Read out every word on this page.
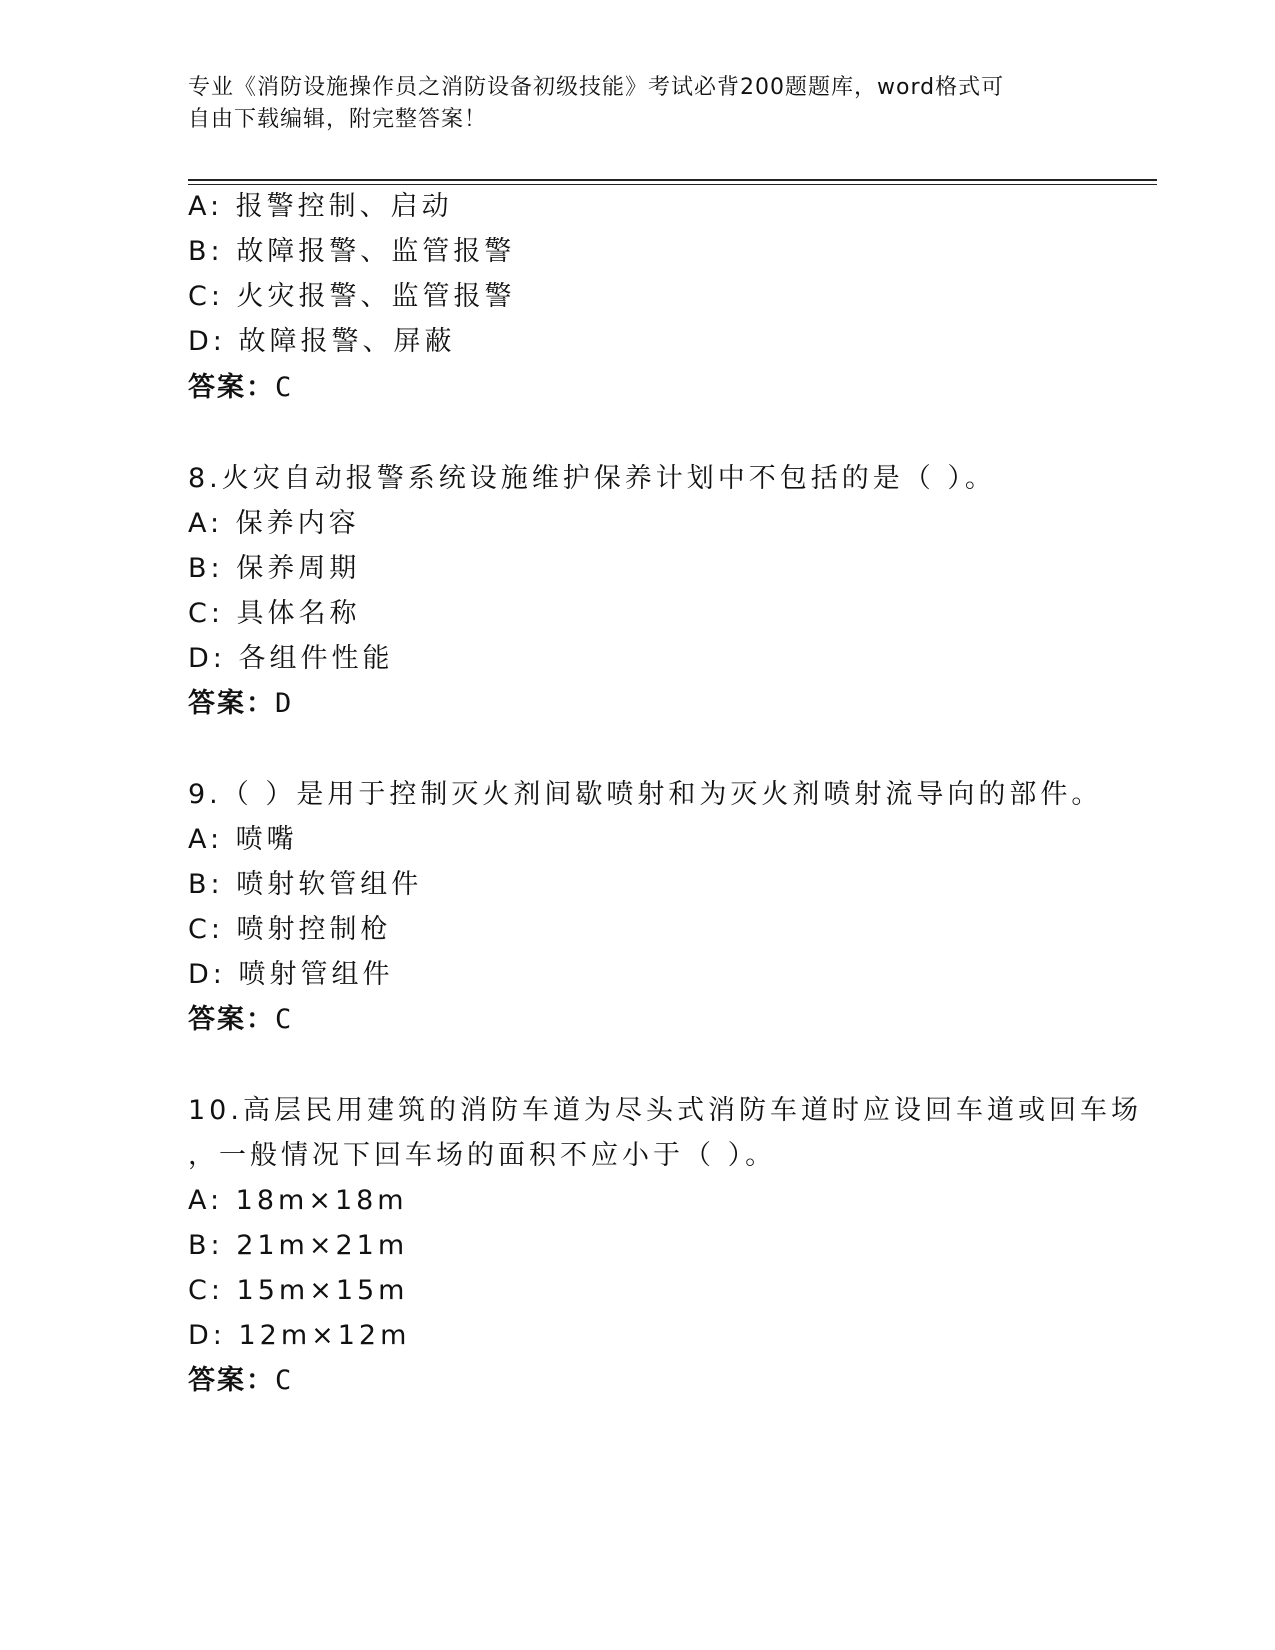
专业《消防设施操作员之消防设备初级技能》考试必背200题题库，word格式可
自由下载编辑，附完整答案！
A: 报警控制、启动
B: 故障报警、监管报警
C: 火灾报警、监管报警
D: 故障报警、屏蔽
答案：C
8.火灾自动报警系统设施维护保养计划中不包括的是（ ）。
A: 保养内容
B: 保养周期
C: 具体名称
D: 各组件性能
答案：D
9.（ ）是用于控制灭火剂间歇喷射和为灭火剂喷射流导向的部件。
A: 喷嘴
B: 喷射软管组件
C: 喷射控制枪
D: 喷射管组件
答案：C
10.高层民用建筑的消防车道为尽头式消防车道时应设回车道或回车场
，一般情况下回车场的面积不应小于（ ）。
A: 18m×18m
B: 21m×21m
C: 15m×15m
D: 12m×12m
答案：C
